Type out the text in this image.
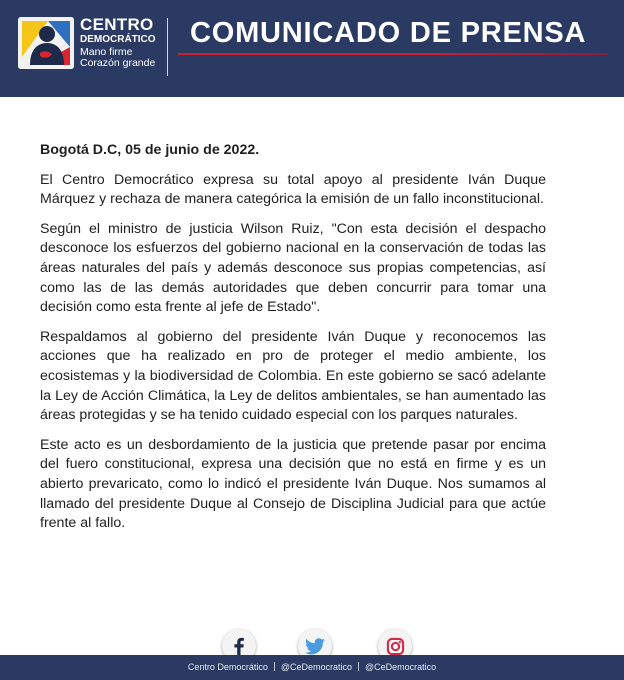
CENTRO
DEMOCRÁTICO
Mano firme
Corazón grande
COMUNICADO DE PRENSA

Bogotá D.C, 05 de junio de 2022.

El Centro Democrático expresa su total apoyo al presidente Iván Duque Márquez y rechaza de manera categórica la emisión de un fallo inconstitucional.

Según el ministro de justicia Wilson Ruiz, "Con esta decisión el despacho desconoce los esfuerzos del gobierno nacional en la conservación de todas las áreas naturales del país y además desconoce sus propias competencias, así como las de las demás autoridades que deben concurrir para tomar una decisión como esta frente al jefe de Estado".

Respaldamos al gobierno del presidente Iván Duque y reconocemos las acciones que ha realizado en pro de proteger el medio ambiente, los ecosistemas y la biodiversidad de Colombia. En este gobierno se sacó adelante la Ley de Acción Climática, la Ley de delitos ambientales, se han aumentado las áreas protegidas y se ha tenido cuidado especial con los parques naturales.

Este acto es un desbordamiento de la justicia que pretende pasar por encima del fuero constitucional, expresa una decisión que no está en firme y es un abierto prevaricato, como lo indicó el presidente Iván Duque. Nos sumamos al llamado del presidente Duque al Consejo de Disciplina Judicial para que actúe frente al fallo.

Centro Democrático @CeDemocratico @CeDemocratico
